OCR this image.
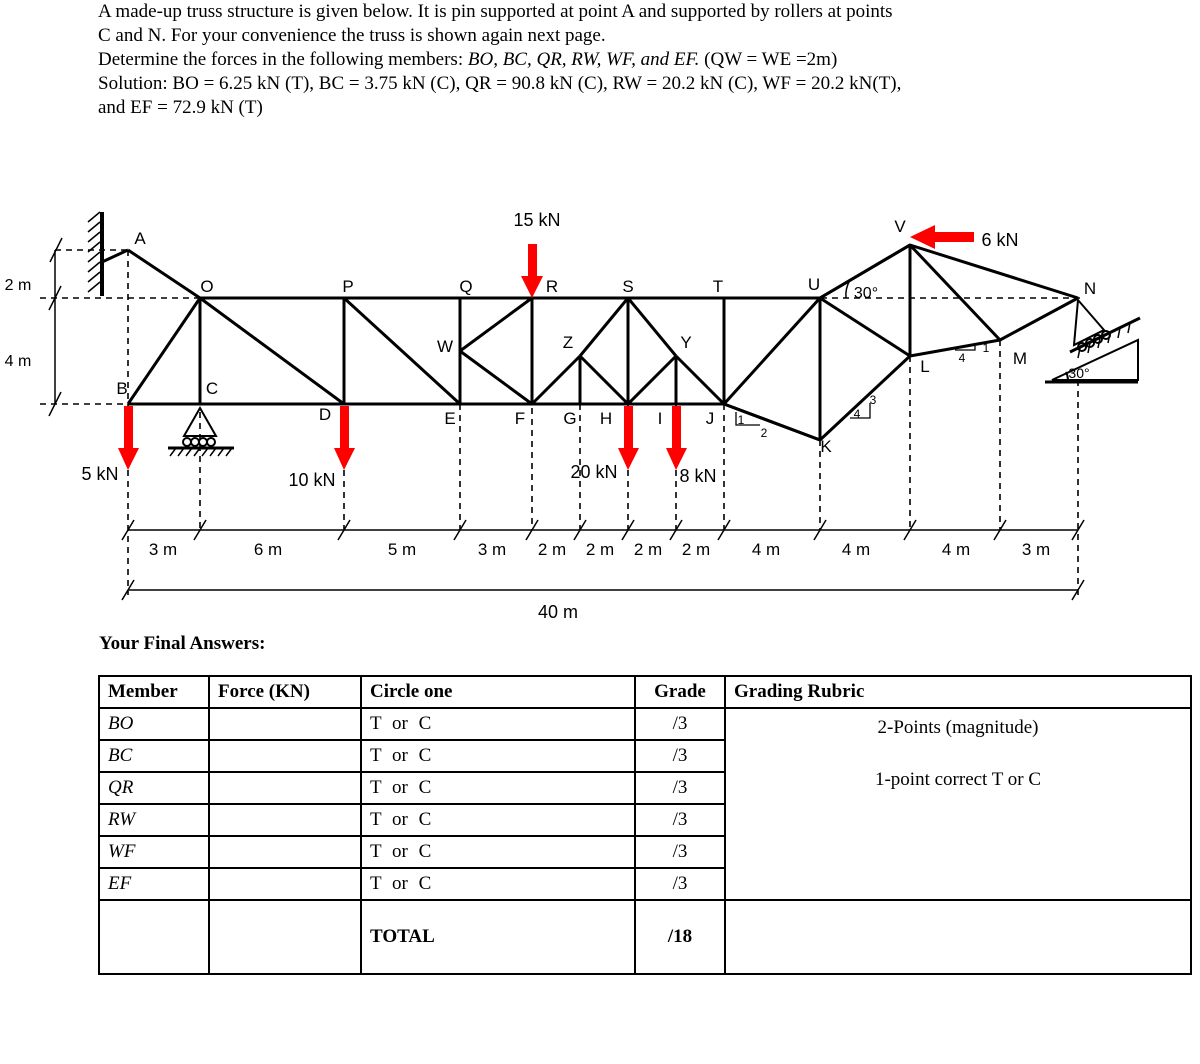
A made-up truss structure is given below. It is pin supported at point A and supported by rollers at points
C and N. For your convenience the truss is shown again next page.
Determine the forces in the following members: BO, BC, QR, RW, WF, and EF. (QW = WE =2m)
Solution: BO = 6.25 kN (T), BC = 3.75 kN (C), QR = 90.8 kN (C), RW = 20.2 kN (C), WF = 20.2 kN(T),
and EF = 72.9 kN (T)
2 m
4 m
A
O	P	Q	R	S	T	U
V
N
W	Z	Y
B	C
D	E	F G H	I	J
K
L	M
15 kN
6 kN
5 kN	10 kN	20 kN	8 kN
30°
30°
1
2
3
4
1
4
3 m	6 m	5 m	3 m 2 m 2 m 2 m 2 m 4 m	4 m	4 m	3 m
40 m
Your Final Answers:
Member	Force (KN)	Circle one	Grade	Grading Rubric
BO		T or C	/3	2-Points (magnitude)
1-point correct T or C

BC		T or C	/3	
QR		T or C	/3	
RW		T or C	/3	
WF		T or C	/3	
EF		T or C	/3	
		TOTAL	/18	
